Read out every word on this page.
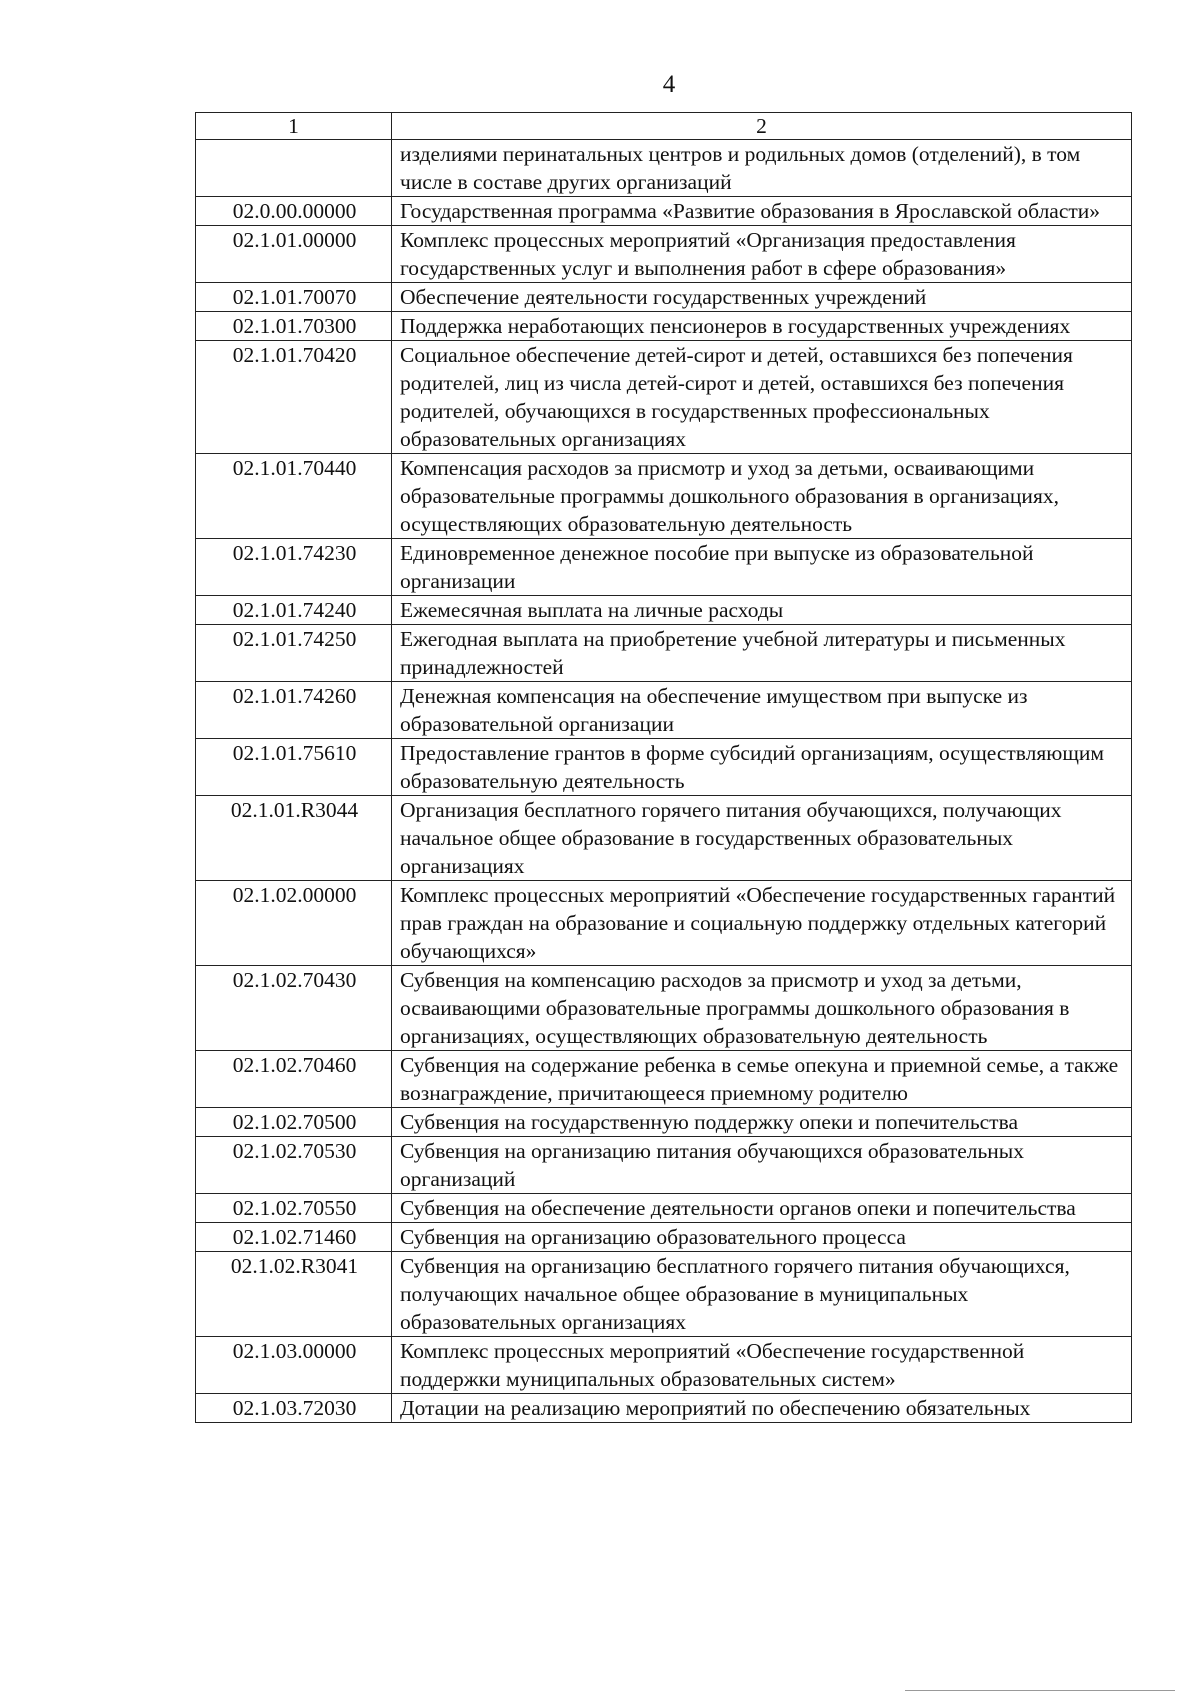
4
1	2
	изделиями перинатальных центров и родильных домов (отделений), в том числе в составе других организаций
02.0.00.00000	Государственная программа «Развитие образования в Ярославской области»
02.1.01.00000	Комплекс процессных мероприятий «Организация предоставления государственных услуг и выполнения работ в сфере образования»
02.1.01.70070	Обеспечение деятельности государственных учреждений
02.1.01.70300	Поддержка неработающих пенсионеров в государственных учреждениях
02.1.01.70420	Социальное обеспечение детей-сирот и детей, оставшихся без попечения родителей, лиц из числа детей-сирот и детей, оставшихся без попечения родителей, обучающихся в государственных профессиональных образовательных организациях
02.1.01.70440	Компенсация расходов за присмотр и уход за детьми, осваивающими образовательные программы дошкольного образования в организациях, осуществляющих образовательную деятельность
02.1.01.74230	Единовременное денежное пособие при выпуске из образовательной организации
02.1.01.74240	Ежемесячная выплата на личные расходы
02.1.01.74250	Ежегодная выплата на приобретение учебной литературы и письменных принадлежностей
02.1.01.74260	Денежная компенсация на обеспечение имуществом при выпуске из образовательной организации
02.1.01.75610	Предоставление грантов в форме субсидий организациям, осуществляющим образовательную деятельность
02.1.01.R3044	Организация бесплатного горячего питания обучающихся, получающих начальное общее образование в государственных образовательных организациях
02.1.02.00000	Комплекс процессных мероприятий «Обеспечение государственных гарантий прав граждан на образование и социальную поддержку отдельных категорий обучающихся»
02.1.02.70430	Субвенция на компенсацию расходов за присмотр и уход за детьми, осваивающими образовательные программы дошкольного образования в организациях, осуществляющих образовательную деятельность
02.1.02.70460	Субвенция на содержание ребенка в семье опекуна и приемной семье, а также вознаграждение, причитающееся приемному родителю
02.1.02.70500	Субвенция на государственную поддержку опеки и попечительства
02.1.02.70530	Субвенция на организацию питания обучающихся образовательных организаций
02.1.02.70550	Субвенция на обеспечение деятельности органов опеки и попечительства
02.1.02.71460	Субвенция на организацию образовательного процесса
02.1.02.R3041	Субвенция на организацию бесплатного горячего питания обучающихся, получающих начальное общее образование в муниципальных образовательных организациях
02.1.03.00000	Комплекс процессных мероприятий «Обеспечение государственной поддержки муниципальных образовательных систем»
02.1.03.72030	Дотации на реализацию мероприятий по обеспечению обязательных
